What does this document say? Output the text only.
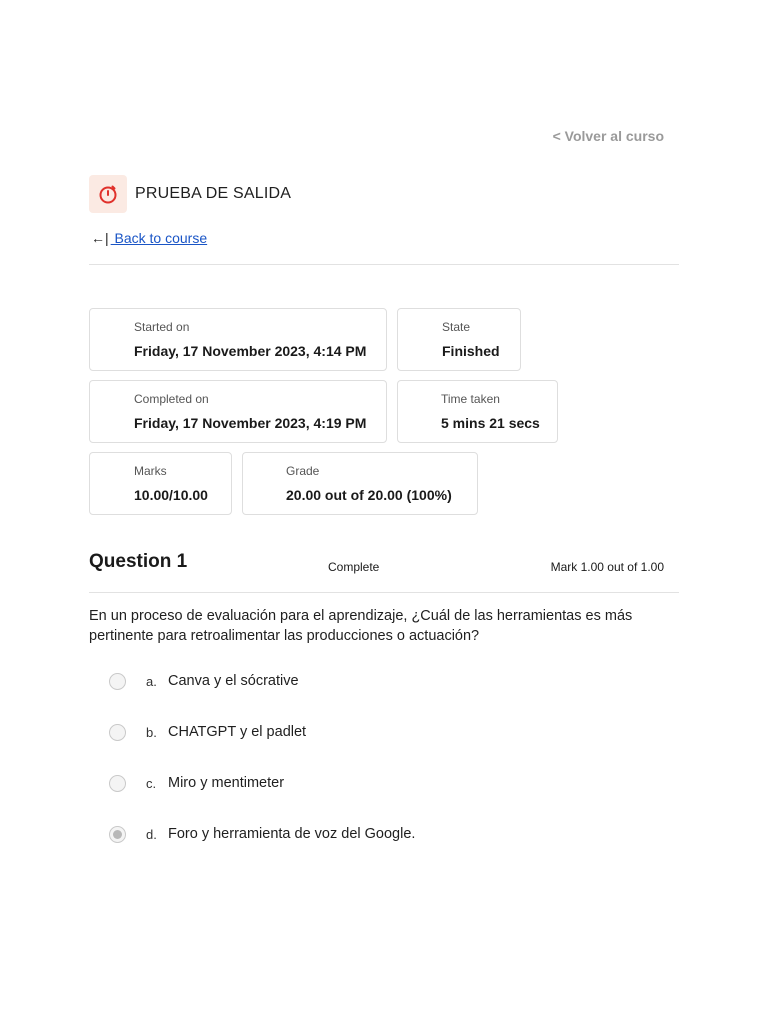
< Volver al curso
PRUEBA DE SALIDA
←| Back to course
Started on
Friday, 17 November 2023, 4:14 PM
State
Finished
Completed on
Friday, 17 November 2023, 4:19 PM
Time taken
5 mins 21 secs
Marks
10.00/10.00
Grade
20.00 out of 20.00 (100%)
Question 1	Complete	Mark 1.00 out of 1.00
En un proceso de evaluación para el aprendizaje, ¿Cuál de las herramientas es más pertinente para retroalimentar las producciones o actuación?
a. Canva y el sócrative
b. CHATGPT y el padlet
c. Miro y mentimeter
d. Foro y herramienta de voz del Google.
